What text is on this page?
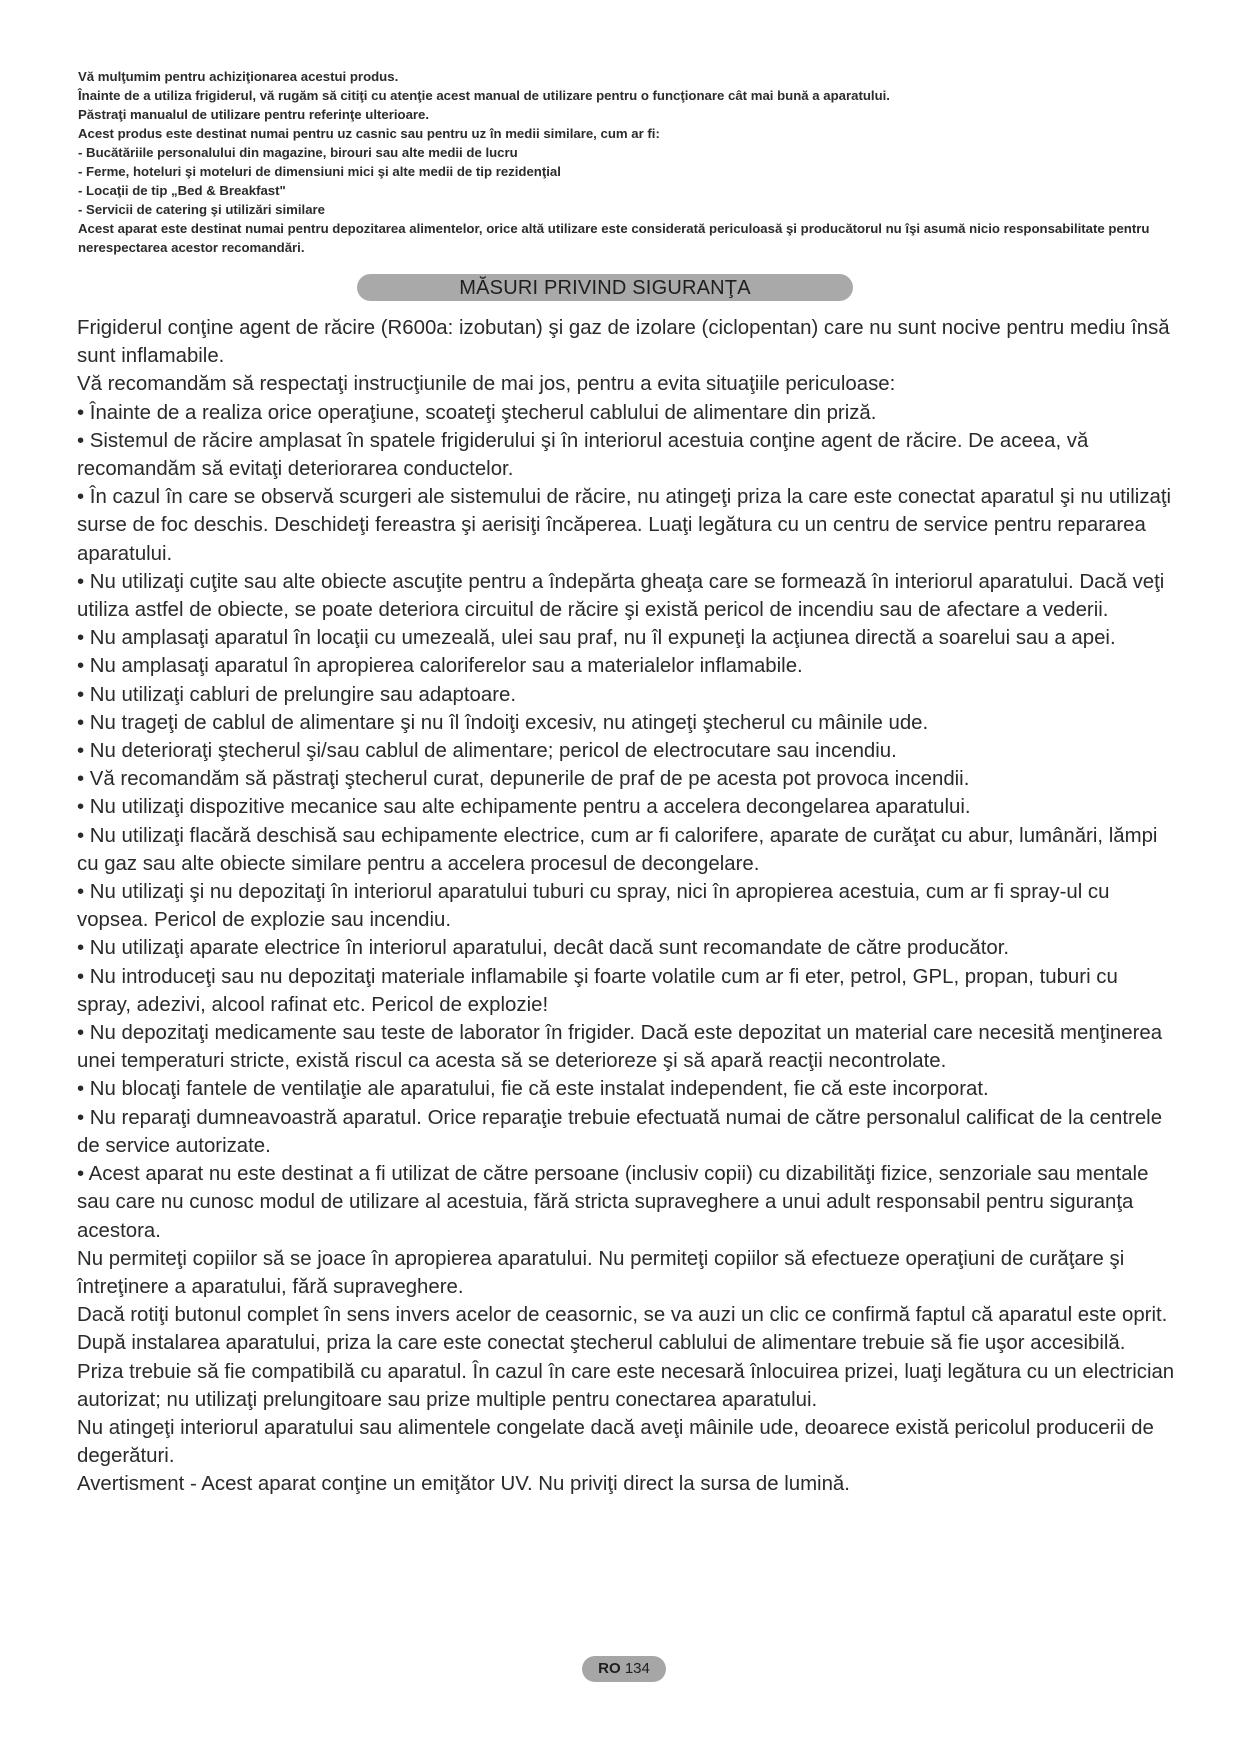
Vă mulţumim pentru achiziţionarea acestui produs.

Înainte de a utiliza frigiderul, vă rugăm să citiţi cu atenţie acest manual de utilizare pentru o funcţionare cât mai bună a aparatului.

Păstraţi manualul de utilizare pentru referinţe ulterioare.

Acest produs este destinat numai pentru uz casnic sau pentru uz în medii similare, cum ar fi:

- Bucătăriile personalului din magazine, birouri sau alte medii de lucru

- Ferme, hoteluri şi moteluri de dimensiuni mici şi alte medii de tip rezidenţial

- Locaţii de tip „Bed & Breakfast"

- Servicii de catering şi utilizări similare

Acest aparat este destinat numai pentru depozitarea alimentelor, orice altă utilizare este considerată periculoasă şi producătorul nu îşi asumă nicio responsabilitate pentru nerespectarea acestor recomandări.

MĂSURI PRIVIND SIGURANŢA

Frigiderul conţine agent de răcire (R600a: izobutan) şi gaz de izolare (ciclopentan) care nu sunt nocive pentru mediu însă sunt inflamabile.

Vă recomandăm să respectaţi instrucţiunile de mai jos, pentru a evita situaţiile periculoase:

• Înainte de a realiza orice operaţiune, scoateţi ştecherul cablului de alimentare din priză.

• Sistemul de răcire amplasat în spatele frigiderului şi în interiorul acestuia conţine agent de răcire. De aceea, vă recomandăm să evitaţi deteriorarea conductelor.

• În cazul în care se observă scurgeri ale sistemului de răcire, nu atingeţi priza la care este conectat aparatul şi nu utilizaţi surse de foc deschis. Deschideţi fereastra şi aerisiţi încăperea. Luaţi legătura cu un centru de service pentru repararea aparatului.

• Nu utilizaţi cuţite sau alte obiecte ascuţite pentru a îndepărta gheaţa care se formează în interiorul aparatului. Dacă veţi utiliza astfel de obiecte, se poate deteriora circuitul de răcire şi există pericol de incendiu sau de afectare a vederii.

• Nu amplasaţi aparatul în locaţii cu umezeală, ulei sau praf, nu îl expuneţi la acţiunea directă a soarelui sau a apei.

• Nu amplasaţi aparatul în apropierea caloriferelor sau a materialelor inflamabile.

• Nu utilizaţi cabluri de prelungire sau adaptoare.

• Nu trageţi de cablul de alimentare şi nu îl îndoiţi excesiv, nu atingeţi ştecherul cu mâinile ude.

• Nu deterioraţi ştecherul şi/sau cablul de alimentare; pericol de electrocutare sau incendiu.

• Vă recomandăm să păstraţi ştecherul curat, depunerile de praf de pe acesta pot provoca incendii.

• Nu utilizaţi dispozitive mecanice sau alte echipamente pentru a accelera decongelarea aparatului.

• Nu utilizaţi flacără deschisă sau echipamente electrice, cum ar fi calorifere, aparate de curăţat cu abur, lumânări, lămpi cu gaz sau alte obiecte similare pentru a accelera procesul de decongelare.

• Nu utilizaţi şi nu depozitaţi în interiorul aparatului tuburi cu spray, nici în apropierea acestuia, cum ar fi spray-ul cu vopsea. Pericol de explozie sau incendiu.

• Nu utilizaţi aparate electrice în interiorul aparatului, decât dacă sunt recomandate de către producător.

• Nu introduceţi sau nu depozitaţi materiale inflamabile şi foarte volatile cum ar fi eter, petrol, GPL, propan, tuburi cu spray, adezivi, alcool rafinat etc. Pericol de explozie!

• Nu depozitaţi medicamente sau teste de laborator în frigider. Dacă este depozitat un material care necesită menţinerea unei temperaturi stricte, există riscul ca acesta să se deterioreze şi să apară reacţii necontrolate.

• Nu blocaţi fantele de ventilaţie ale aparatului, fie că este instalat independent, fie că este incorporat.

• Nu reparaţi dumneavoastră aparatul. Orice reparaţie trebuie efectuată numai de către personalul calificat de la centrele de service autorizate.

• Acest aparat nu este destinat a fi utilizat de către persoane (inclusiv copii) cu dizabilităţi fizice, senzoriale sau mentale sau care nu cunosc modul de utilizare al acestuia, fără stricta supraveghere a unui adult responsabil pentru siguranţa acestora.

Nu permiteţi copiilor să se joace în apropierea aparatului. Nu permiteţi copiilor să efectueze operaţiuni de curăţare şi întreţinere a aparatului, fără supraveghere.

Dacă rotiţi butonul complet în sens invers acelor de ceasornic, se va auzi un clic ce confirmă faptul că aparatul este oprit.

După instalarea aparatului, priza la care este conectat ştecherul cablului de alimentare trebuie să fie uşor accesibilă.

Priza trebuie să fie compatibilă cu aparatul. În cazul în care este necesară înlocuirea prizei, luaţi legătura cu un electrician autorizat; nu utilizaţi prelungitoare sau prize multiple pentru conectarea aparatului.

Nu atingeţi interiorul aparatului sau alimentele congelate dacă aveţi mâinile ude, deoarece există pericolul producerii de degerături.

Avertisment - Acest aparat conţine un emiţător UV. Nu priviţi direct la sursa de lumină.

RO 134
